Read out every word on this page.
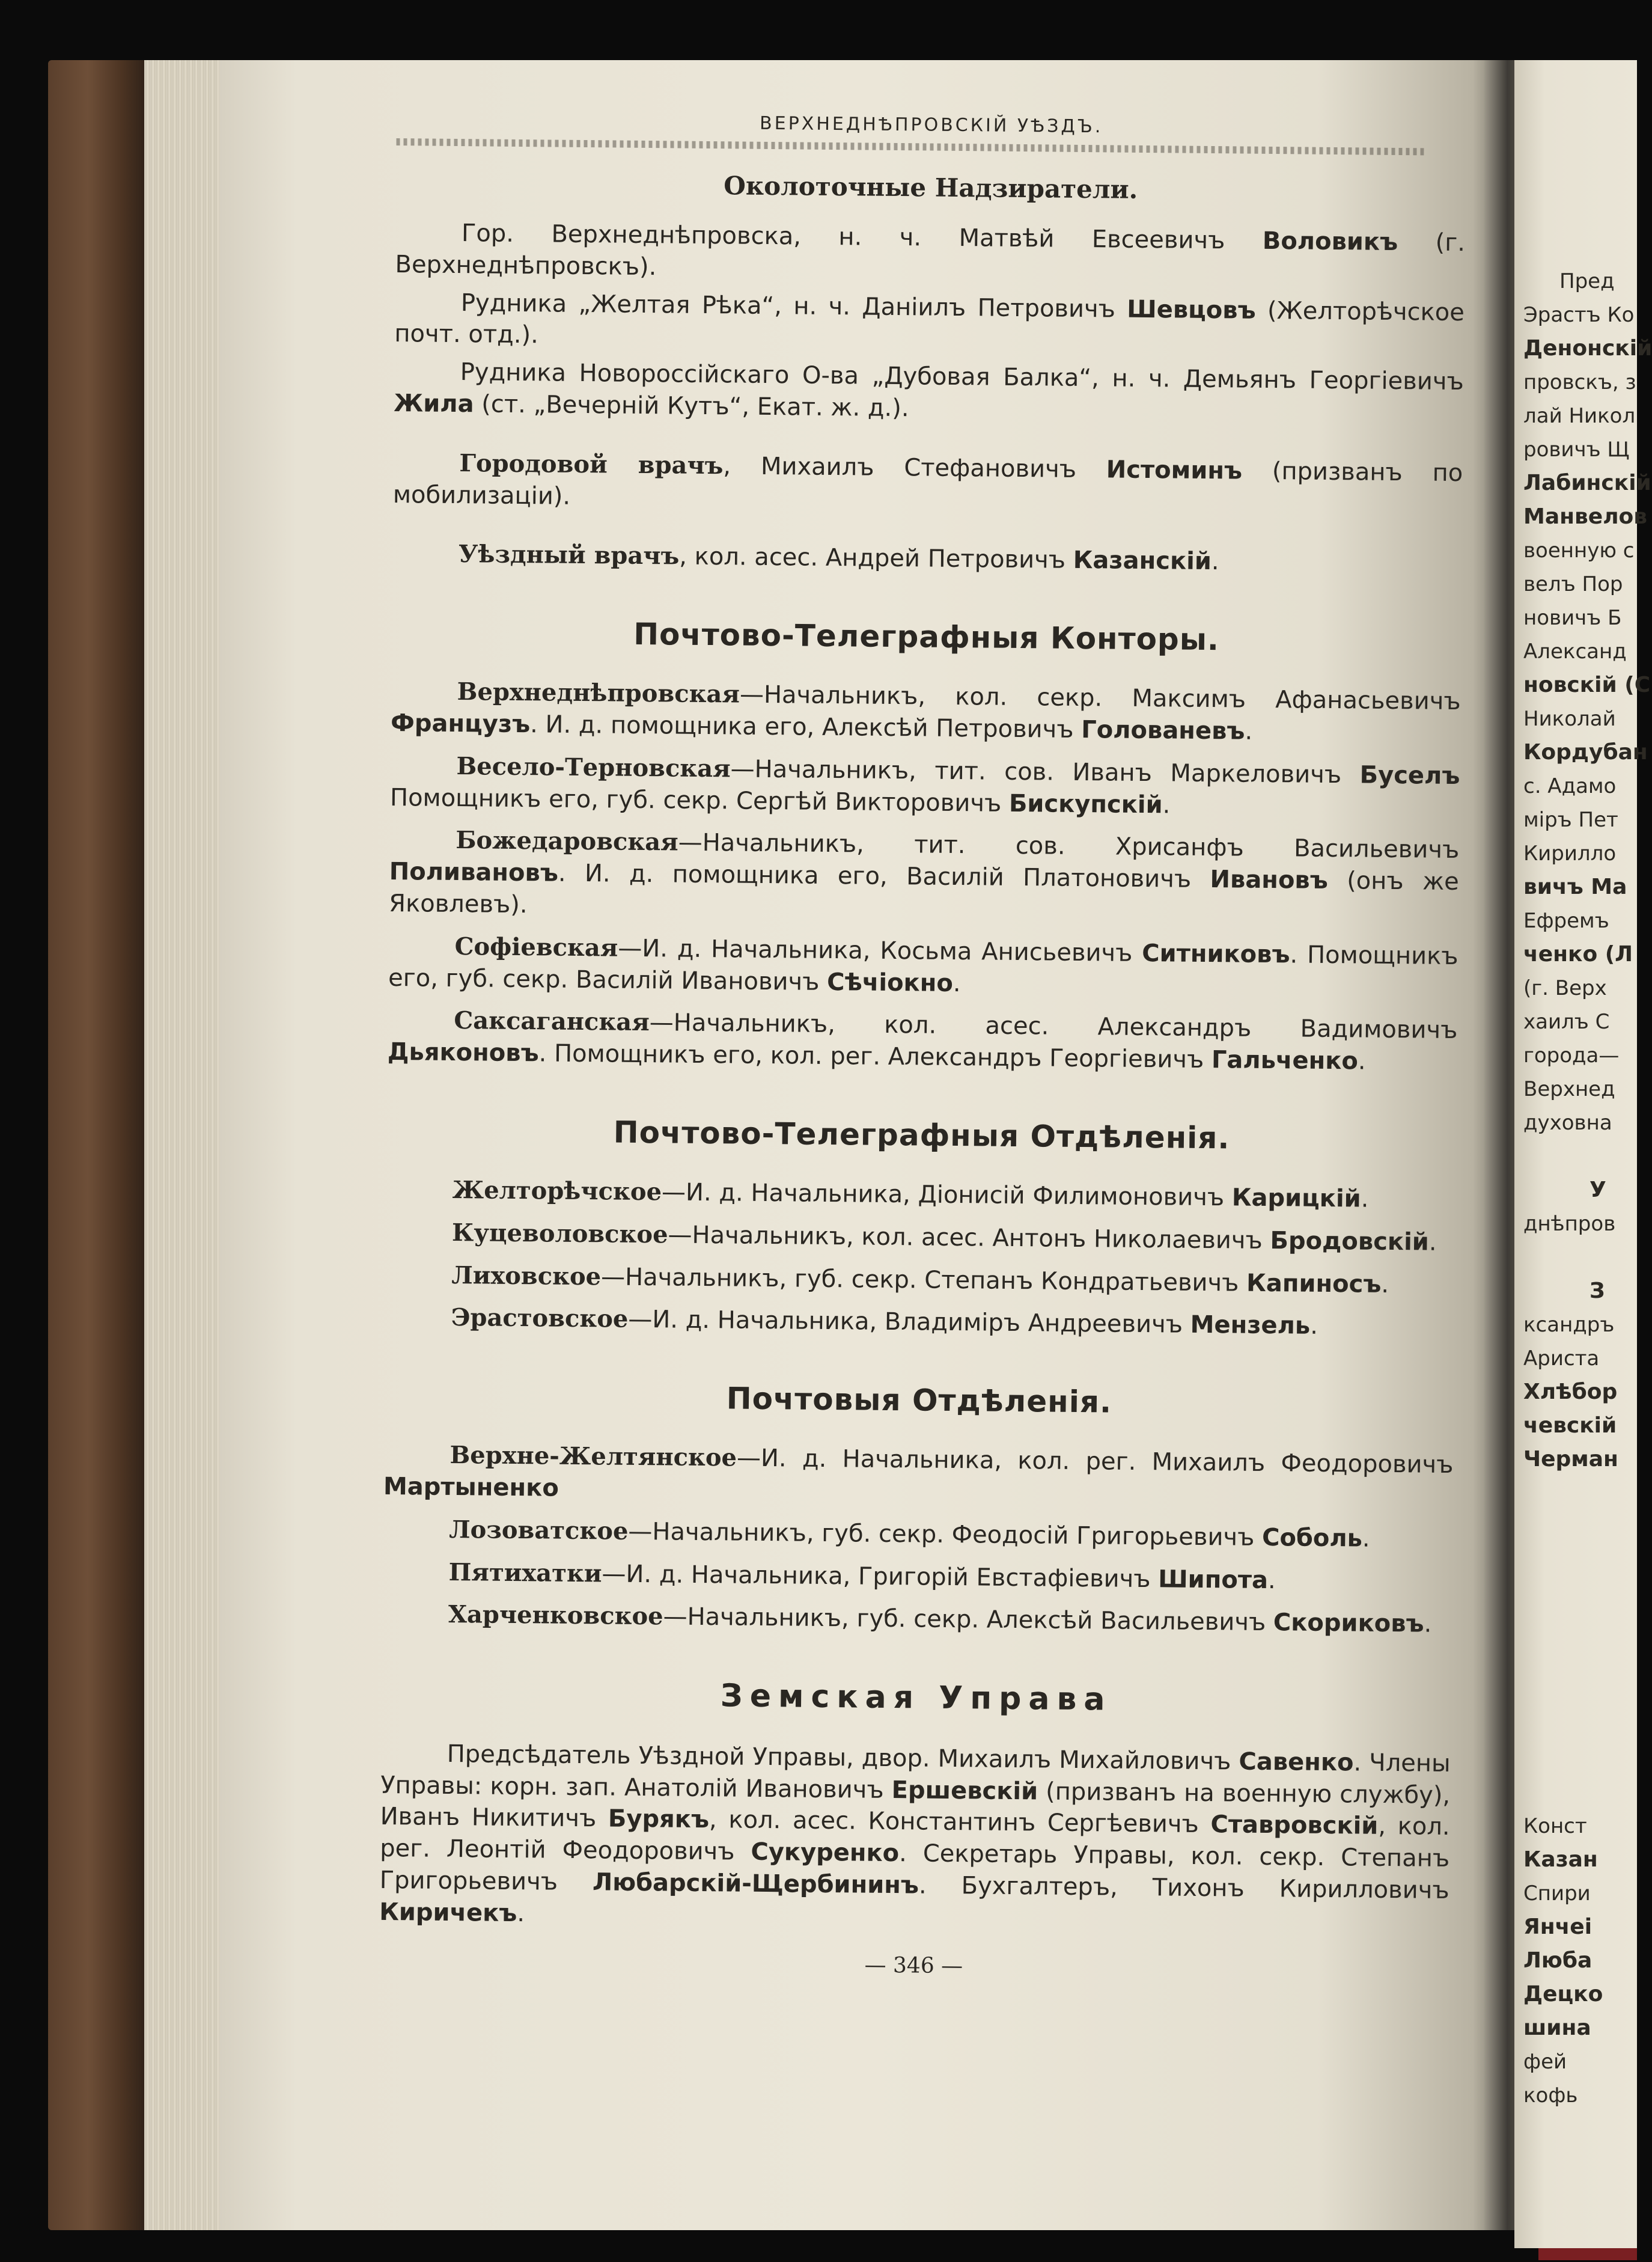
ВЕРХНЕДНѢПРОВСКІЙ УѢЗДЪ.
Околоточные Надзиратели.

Гор. Верхнеднѣпровска, н. ч. Матвѣй Евсеевичъ Воловикъ (г. Верхнеднѣпровскъ).

Рудника „Желтая Рѣка“, н. ч. Даніилъ Петровичъ Шевцовъ (Желторѣчское почт. отд.).

Рудника Новороссійскаго О-ва „Дубовая Балка“, н. ч. Демьянъ Георгіевичъ Жила (ст. „Вечерній Кутъ“, Екат. ж. д.).

Городовой врачъ, Михаилъ Стефановичъ Истоминъ (призванъ по мобилизаціи).

Уѣздный врачъ, кол. асес. Андрей Петровичъ Казанскій.

Почтово-Телеграфныя Конторы.

Верхнеднѣпровская—Начальникъ, кол. секр. Максимъ Афанасьевичъ Французъ. И. д. помощника его, Алексѣй Петровичъ Голованевъ.

Весело-Терновская—Начальникъ, тит. сов. Иванъ Маркеловичъ Буселъ Помощникъ его, губ. секр. Сергѣй Викторовичъ Бискупскій.

Божедаровская—Начальникъ, тит. сов. Хрисанфъ Васильевичъ Поливановъ. И. д. помощника его, Василій Платоновичъ Ивановъ (онъ же Яковлевъ).

Софіевская—И. д. Начальника, Косьма Анисьевичъ Ситниковъ. Помощникъ его, губ. секр. Василій Ивановичъ Сѣчіокно.

Саксаганская—Начальникъ, кол. асес. Александръ Вадимовичъ Дьяконовъ. Помощникъ его, кол. рег. Александръ Георгіевичъ Гальченко.

Почтово-Телеграфныя Отдѣленія.

Желторѣчское—И. д. Начальника, Діонисій Филимоновичъ Карицкій.

Куцеволовское—Начальникъ, кол. асес. Антонъ Николаевичъ Бродовскій.

Лиховское—Начальникъ, губ. секр. Степанъ Кондратьевичъ Капиносъ.

Эрастовское—И. д. Начальника, Владиміръ Андреевичъ Мензель.

Почтовыя Отдѣленія.

Верхне-Желтянское—И. д. Начальника, кол. рег. Михаилъ Феодоровичъ Мартыненко

Лозоватское—Начальникъ, губ. секр. Феодосій Григорьевичъ Соболь.

Пятихатки—И. д. Начальника, Григорій Евстафіевичъ Шипота.

Харченковское—Начальникъ, губ. секр. Алексѣй Васильевичъ Скориковъ.

Земская Управа

Предсѣдатель Уѣздной Управы, двор. Михаилъ Михайловичъ Савенко. Члены Управы: корн. зап. Анатолій Ивановичъ Ершевскій (призванъ на военную службу), Иванъ Никитичъ Бурякъ, кол. асес. Константинъ Сергѣевичъ Ставровскій, кол. рег. Леонтій Феодоровичъ Сукуренко. Секретарь Управы, кол. секр. Степанъ Григорьевичъ Любарскій-Щербининъ. Бухгалтеръ, Тихонъ Кирилловичъ Киричекъ.

— 346 —
Пред
Эрастъ Ко
Денонскій
провскъ, з
лай Никол
ровичъ Щ
Лабинскій
Манвелов
военную с
велъ Пор
новичъ Б
Александ
новскій (С
Николай
Кордубан
с. Адамо
міръ Пет
Кирилло
вичъ Ма
Ефремъ
ченко (Л
(г. Верх
хаилъ С
города—
Верхнед
духовна
У
днѣпров
З
ксандръ
Ариста
Хлѣбор
чевскій
Черман
Конст
Казан
Спири
Янчеі
Люба
Децко
шина
фей
кофь
